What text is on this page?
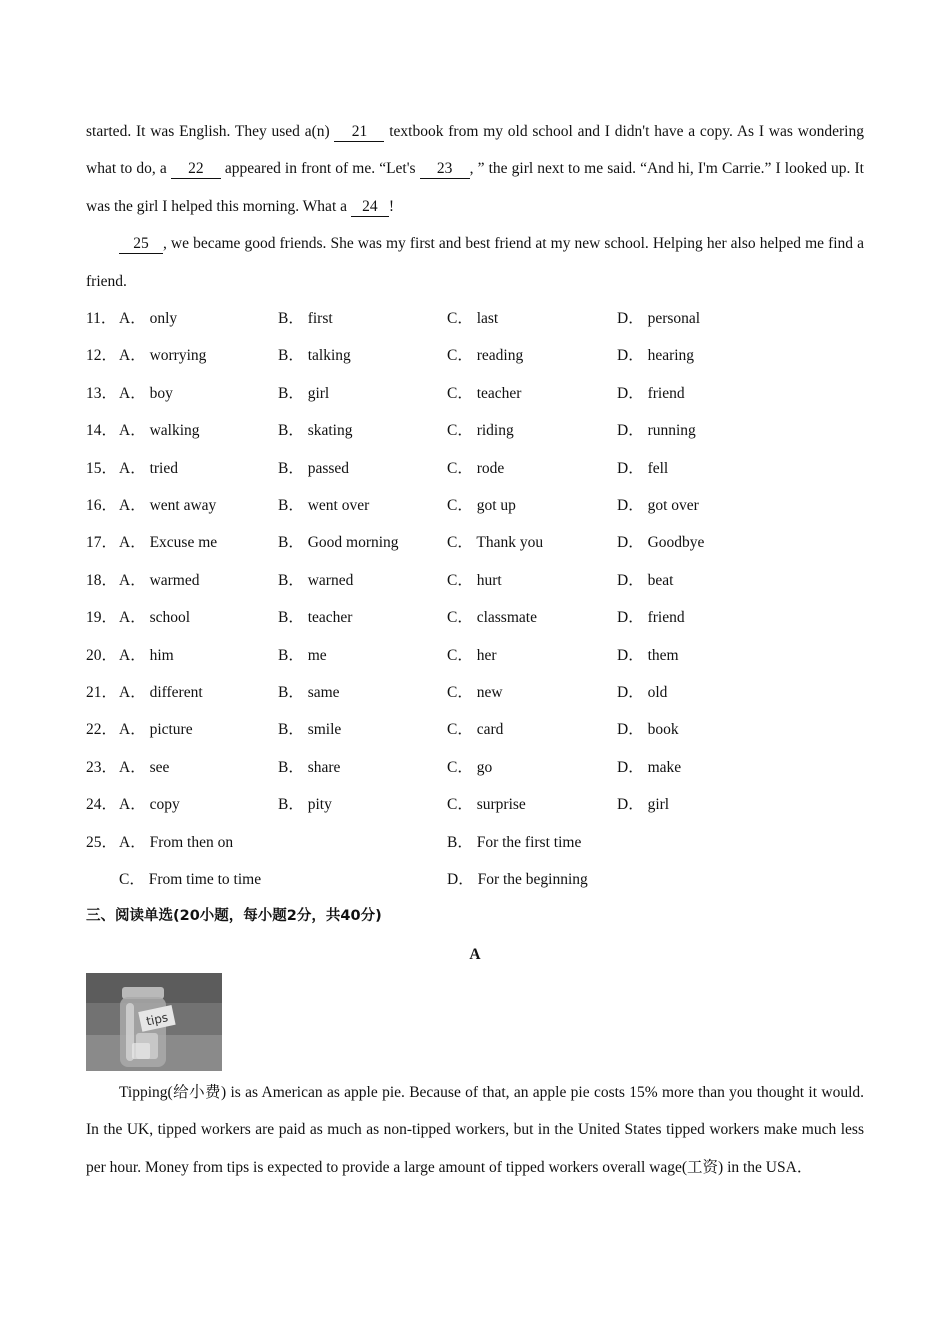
started. It was English. They used a(n) 21 textbook from my old school and I didn't have a copy. As I was wondering what to do, a 22 appeared in front of me. “Let's 23 , ” the girl next to me said. “And hi, I'm Carrie.” I looked up. It was the girl I helped this morning. What a 24 !

25 , we became good friends. She was my first and best friend at my new school. Helping her also helped me find a friend.

11． A． only	B． first	C． last	D． personal
12． A． worrying	B． talking	C． reading	D． hearing
13． A． boy	B． girl	C． teacher	D． friend
14． A． walking	B． skating	C． riding	D． running
15． A． tried	B． passed	C． rode	D． fell
16． A． went away	B． went over	C． got up	D． got over
17． A． Excuse me	B． Good morning	C． Thank you	D． Goodbye
18． A． warmed	B． warned	C． hurt	D． beat
19． A． school	B． teacher	C． classmate	D． friend
20． A． him	B． me	C． her	D． them
21． A． different	B． same	C． new	D． old
22． A． picture	B． smile	C． card	D． book
23． A． see	B． share	C． go	D． make
24． A． copy	B． pity	C． surprise	D． girl
25． A． From then on	B． For the first time
C． From time to time	D． For the beginning
三、阅读单选(20小题，每小题2分，共40分)
A
tips

Tipping(给小费) is as American as apple pie. Because of that, an apple pie costs 15% more than you thought it would. In the UK, tipped workers are paid as much as non-tipped workers, but in the United States tipped workers make much less per hour. Money from tips is expected to provide a large amount of tipped workers overall wage(工资) in the USA．
